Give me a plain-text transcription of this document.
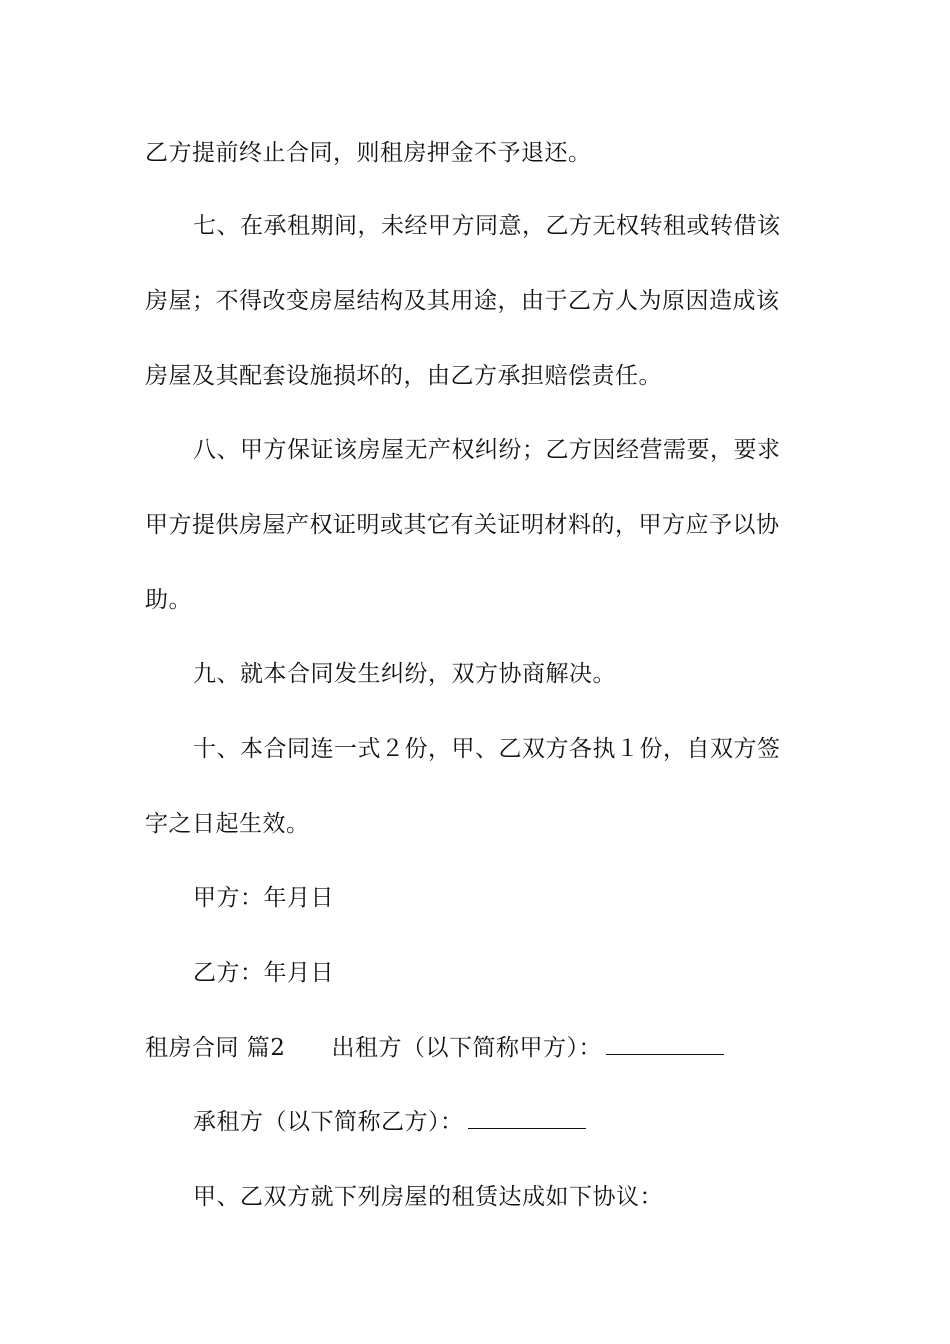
乙方提前终止合同，则租房押金不予退还。
七、在承租期间，未经甲方同意，乙方无权转租或转借该
房屋；不得改变房屋结构及其用途，由于乙方人为原因造成该
房屋及其配套设施损坏的，由乙方承担赔偿责任。
八、甲方保证该房屋无产权纠纷；乙方因经营需要，要求
甲方提供房屋产权证明或其它有关证明材料的，甲方应予以协
助。
九、就本合同发生纠纷，双方协商解决。
十、本合同连一式２份，甲、乙双方各执１份，自双方签
字之日起生效。
甲方：年月日
乙方：年月日
租房合同 篇2 出租方（以下简称甲方）：
承租方（以下简称乙方）：
甲、乙双方就下列房屋的租赁达成如下协议：
